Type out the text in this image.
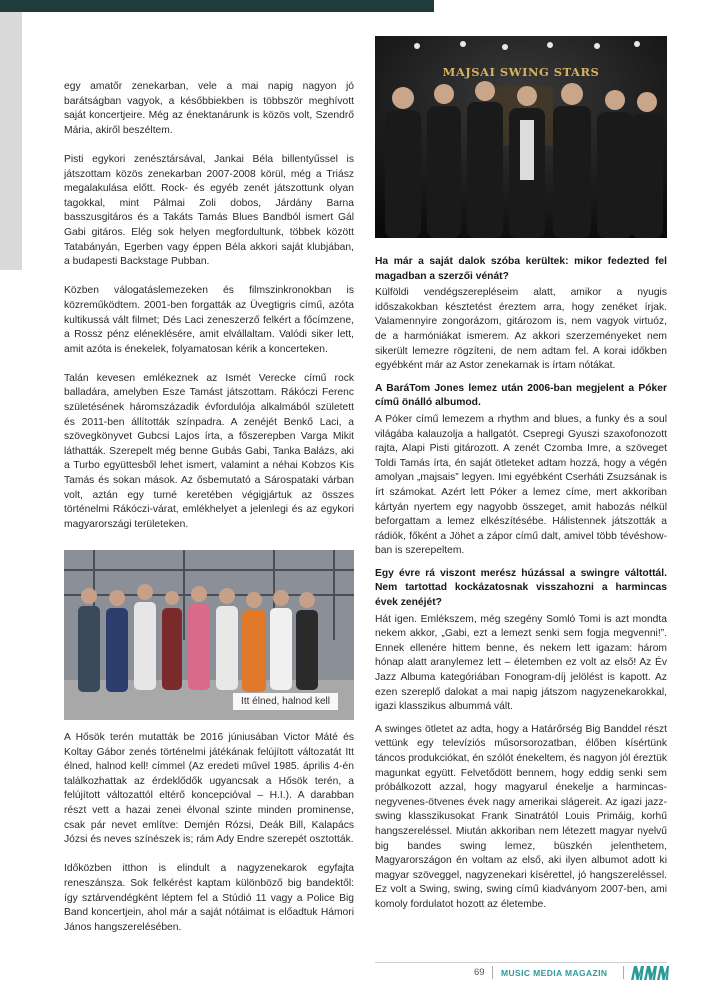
MAJSAI SWING STARS

egy amatőr zenekarban, vele a mai napig nagyon jó barátságban vagyok, a későbbiekben is többször meghívott saját koncertjeire. Még az énektanárunk is közös volt, Szendrő Mária, akiről beszéltem.

Pisti egykori zenésztársával, Jankai Béla billentyűssel is játszottam közös zenekarban 2007-2008 körül, még a Triász megalakulása előtt. Rock- és egyéb zenét játszottunk olyan tagokkal, mint Pálmai Zoli dobos, Járdány Barna basszusgitáros és a Takáts Tamás Blues Bandból ismert Gál Gabi gitáros. Elég sok helyen megfordultunk, többek között Tatabányán, Egerben vagy éppen Béla akkori saját klubjában, a budapesti Backstage Pubban.

Közben válogatáslemezeken és filmszinkronokban is közreműködtem. 2001-ben forgatták az Üvegtigris című, azóta kultikussá vált filmet; Dés Laci zeneszerző felkért a főcímzene, a Rossz pénz eléneklésére, amit elvállaltam. Valódi siker lett, amit azóta is énekelek, folyamatosan kérik a koncerteken.

Talán kevesen emlékeznek az Ismét Verecke című rock balladára, amelyben Esze Tamást játszottam. Rákóczi Ferenc születésének háromszázadik évfordulója alkalmából született és 2011-ben állították színpadra. A zenéjét Benkő Laci, a szövegkönyvet Gubcsi Lajos írta, a főszerepben Varga Mikit láthatták. Szerepelt még benne Gubás Gabi, Tanka Balázs, aki a Turbo együttesből lehet ismert, valamint a néhai Kobzos Kis Tamás és sokan mások. Az ősbemutató a Sárospataki várban volt, aztán egy turné keretében végigjártuk az összes történelmi Rákóczi-várat, emlékhelyet a jelenlegi és az egykori magyarországi területeken.

Itt élned, halnod kell

A Hősök terén mutatták be 2016 júniusában Victor Máté és Koltay Gábor zenés történelmi játékának felújított változatát Itt élned, halnod kell! címmel (Az eredeti művel 1985. április 4-én találkozhattak az érdeklődők ugyancsak a Hősök terén, a felújított változattól eltérő koncepcióval – H.I.). A darabban részt vett a hazai zenei élvonal szinte minden prominense, csak pár nevet említve: Demjén Rózsi, Deák Bill, Kalapács Józsi és neves színészek is; rám Ady Endre szerepét osztották.

Időközben itthon is elindult a nagyzenekarok egyfajta reneszánsza. Sok felkérést kaptam különböző big bandektől: így sztárvendégként léptem fel a Stúdió 11 vagy a Police Big Band koncertjein, ahol már a saját nótáimat is előadtuk Hámori János hangszerelésében.

Ha már a saját dalok szóba kerültek: mikor fedezted fel magadban a szerzői vénát?

Külföldi vendégszerepléseim alatt, amikor a nyugis időszakokban késztetést éreztem arra, hogy zenéket írjak. Valamennyire zongorázom, gitározom is, nem vagyok virtuóz, de a harmóniákat ismerem. Az akkori szerzeményeket nem sikerült lemezre rögzíteni, de nem adtam fel. A korai időkben egyébként már az Astor zenekarnak is írtam nótákat.

A BaráTom Jones lemez után 2006-ban megjelent a Póker című önálló albumod.

A Póker című lemezem a rhythm and blues, a funky és a soul világába kalauzolja a hallgatót. Csepregi Gyuszi szaxofonozott rajta, Alapi Pisti gitározott. A zenét Czomba Imre, a szöveget Toldi Tamás írta, én saját ötleteket adtam hozzá, hogy a végén amolyan „majsais” legyen. Imi egyébként Cserháti Zsuzsának is írt számokat. Azért lett Póker a lemez címe, mert akkoriban kártyán nyertem egy nagyobb összeget, amit habozás nélkül beforgattam a lemez elkészítésébe. Hálistennek játszották a rádiók, főként a Jöhet a zápor című dalt, amivel több tévéshow-ban is szerepeltem.

Egy évre rá viszont merész húzással a swingre váltottál. Nem tartottad kockázatosnak visszahozni a harmincas évek zenéjét?

Hát igen. Emlékszem, még szegény Somló Tomi is azt mondta nekem akkor, „Gabi, ezt a lemezt senki sem fogja megvenni!”. Ennek ellenére hittem benne, és nekem lett igazam: három hónap alatt aranylemez lett – életemben ez volt az első! Az Év Jazz Albuma kategóriában Fonogram-díj jelölést is kapott. Az ezen szereplő dalokat a mai napig játszom nagyzenekarokkal, igazi klasszikus albummá vált.

A swinges ötletet az adta, hogy a Határőrség Big Banddel részt vettünk egy televíziós műsorsorozatban, élőben kísértünk táncos produkciókat, én szólót énekeltem, és nagyon jól éreztük magunkat együtt. Felvetődött bennem, hogy eddig senki sem próbálkozott azzal, hogy magyarul énekelje a harmincas-negyvenes-ötvenes évek nagy amerikai slágereit. Az igazi jazz-swing klasszikusokat Frank Sinatrától Louis Primáig, korhű hangszereléssel. Miután akkoriban nem létezett magyar nyelvű big bandes swing lemez, büszkén jelenthetem, Magyarországon én voltam az első, aki ilyen albumot adott ki magyar szöveggel, nagyzenekari kísérettel, jó hangszereléssel. Ez volt a Swing, swing, swing című kiadványom 2007-ben, ami komoly fordulatot hozott az életembe.

69 MUSIC MEDIA MAGAZIN
